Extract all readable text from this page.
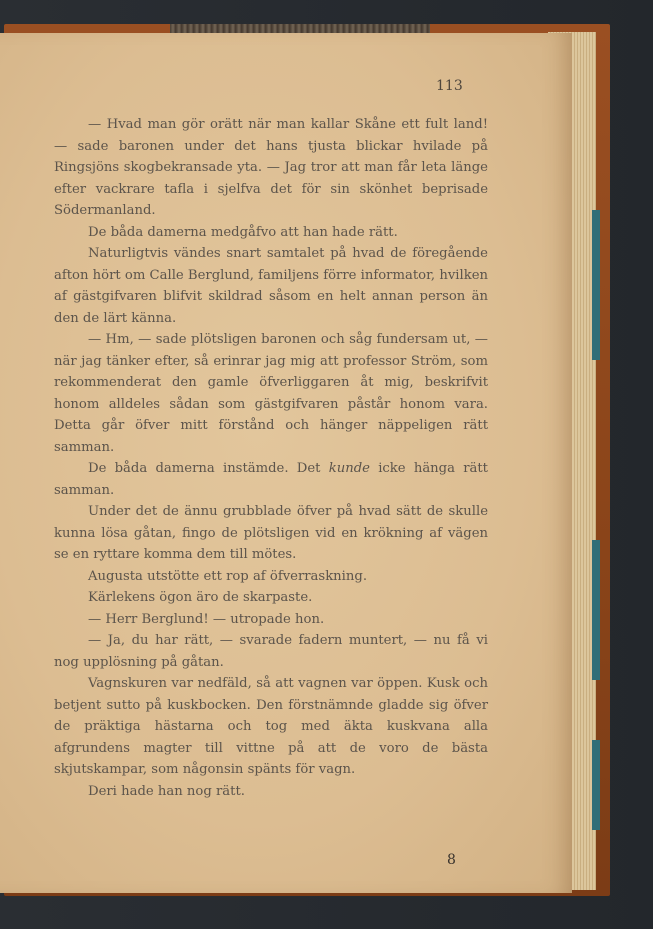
113

— Hvad man gör orätt när man kallar Skåne ett fult land! — sade baronen under det hans tjusta blickar hvilade på Ringsjöns skogbekransade yta. — Jag tror att man får leta länge efter vackrare tafla i sjelfva det för sin skönhet beprisade Södermanland.

De båda damerna medgåfvo att han hade rätt.

Naturligtvis vändes snart samtalet på hvad de föregående afton hört om Calle Berglund, familjens förre informator, hvilken af gästgifvaren blifvit skildrad såsom en helt annan person än den de lärt känna.

— Hm, — sade plötsligen baronen och såg fundersam ut, — när jag tänker efter, så erinrar jag mig att professor Ström, som rekommenderat den gamle öfverliggaren åt mig, beskrifvit honom alldeles sådan som gästgifvaren påstår honom vara. Detta går öfver mitt förstånd och hänger näppeligen rätt samman.

De båda damerna instämde. Det kunde icke hänga rätt samman.

Under det de ännu grubblade öfver på hvad sätt de skulle kunna lösa gåtan, fingo de plötsligen vid en krökning af vägen se en ryttare komma dem till mötes.

Augusta utstötte ett rop af öfverraskning.

Kärlekens ögon äro de skarpaste.

— Herr Berglund! — utropade hon.

— Ja, du har rätt, — svarade fadern muntert, — nu få vi nog upplösning på gåtan.

Vagnskuren var nedfäld, så att vagnen var öppen. Kusk och betjent sutto på kuskbocken. Den förstnämnde gladde sig öfver de präktiga hästarna och tog med äkta kuskvana alla afgrundens magter till vittne på att de voro de bästa skjutskampar, som någonsin spänts för vagn.

Deri hade han nog rätt.

8
